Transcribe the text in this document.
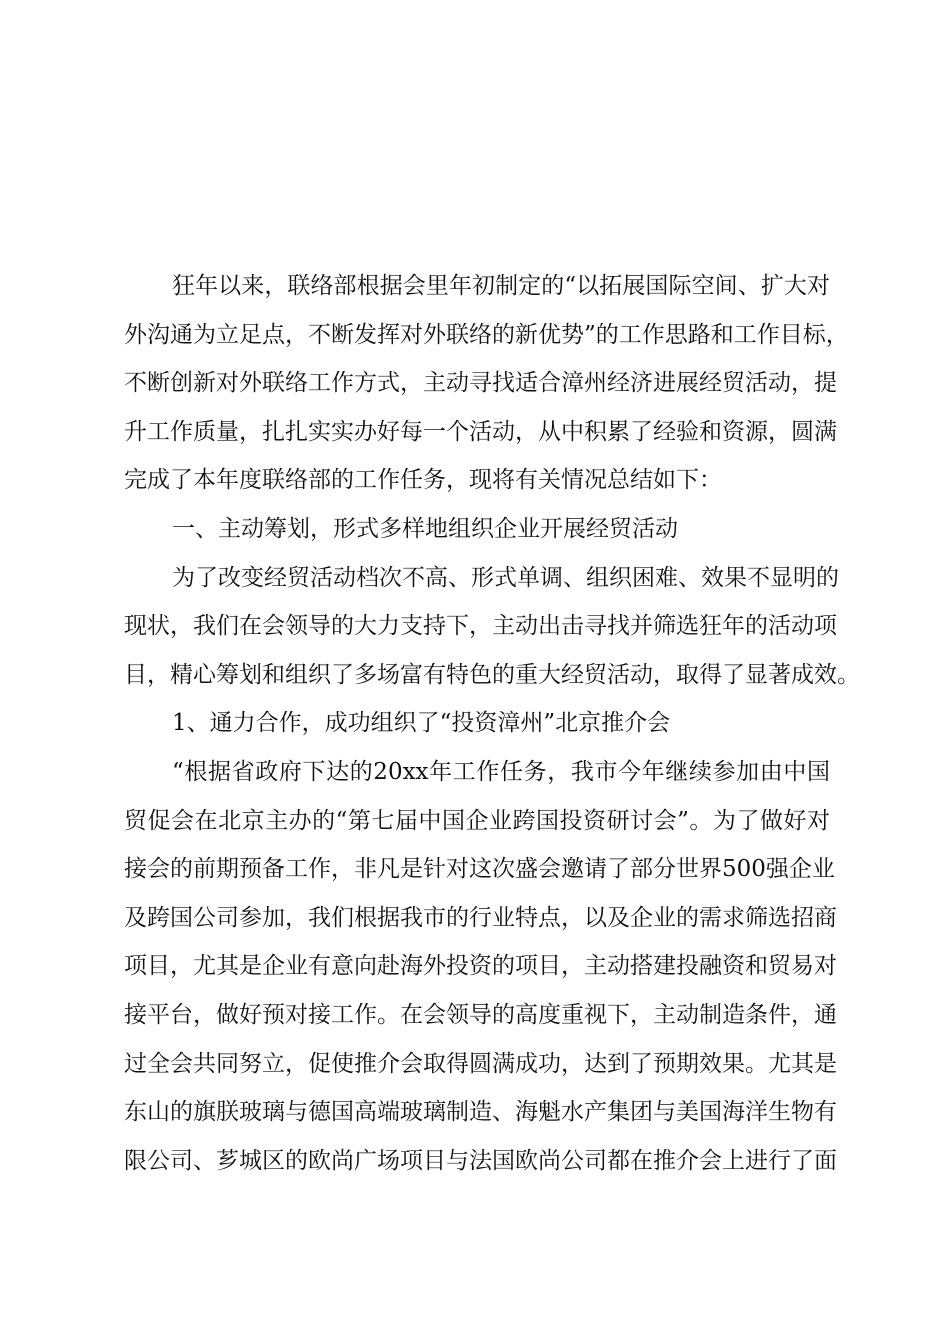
狂年以来，联络部根据会里年初制定的“以拓展国际空间、扩大对
外沟通为立足点，不断发挥对外联络的新优势”的工作思路和工作目标，
不断创新对外联络工作方式，主动寻找适合漳州经济进展经贸活动，提
升工作质量，扎扎实实办好每一个活动，从中积累了经验和资源，圆满
完成了本年度联络部的工作任务，现将有关情况总结如下：
一、主动筹划，形式多样地组织企业开展经贸活动
为了改变经贸活动档次不高、形式单调、组织困难、效果不显明的
现状，我们在会领导的大力支持下，主动出击寻找并筛选狂年的活动项
目，精心筹划和组织了多场富有特色的重大经贸活动，取得了显著成效。
1、通力合作，成功组织了“投资漳州”北京推介会
“根据省政府下达的20xx年工作任务，我市今年继续参加由中国
贸促会在北京主办的“第七届中国企业跨国投资研讨会”。为了做好对
接会的前期预备工作，非凡是针对这次盛会邀请了部分世界500强企业
及跨国公司参加，我们根据我市的行业特点，以及企业的需求筛选招商
项目，尤其是企业有意向赴海外投资的项目，主动搭建投融资和贸易对
接平台，做好预对接工作。在会领导的高度重视下，主动制造条件，通
过全会共同努立，促使推介会取得圆满成功，达到了预期效果。尤其是
东山的旗朕玻璃与德国高端玻璃制造、海魁水产集团与美国海洋生物有
限公司、芗城区的欧尚广场项目与法国欧尚公司都在推介会上进行了面
